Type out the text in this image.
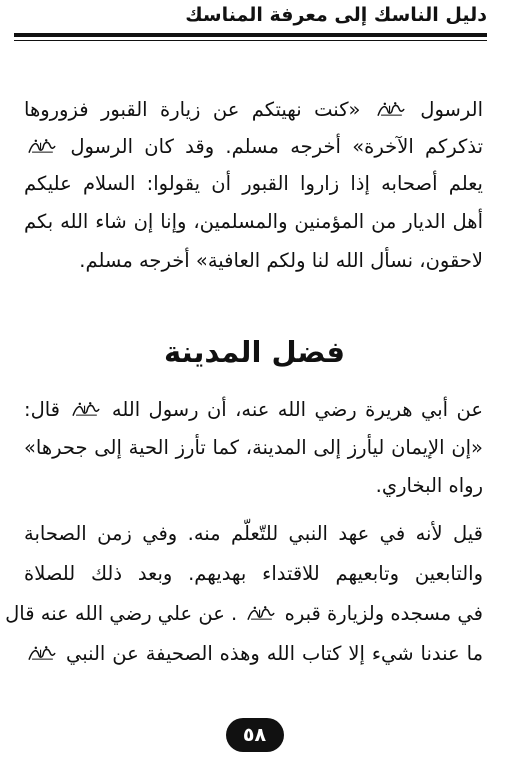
دليل الناسك إلى معرفة المناسك
الرسول  «كنت نهيتكم عن زيارة القبور فزوروها
تذكركم الآخرة» أخرجه مسلم. وقد كان الرسول
يعلم أصحابه إذا زاروا القبور أن يقولوا: السلام عليكم
أهل الديار من المؤمنين والمسلمين، وإنا إن شاء الله بكم
لاحقون، نسأل الله لنا ولكم العافية» أخرجه مسلم.
فضل المدينة
عن أبي هريرة رضي الله عنه، أن رسول الله  قال:
«إن الإيمان ليأرز إلى المدينة، كما تأرز الحية إلى جحرها»
رواه البخاري.
قيل لأنه في عهد النبي للتّعلّم منه. وفي زمن الصحابة
والتابعين وتابعيهم للاقتداء بهديهم. وبعد ذلك للصلاة
في مسجده ولزيارة قبره  . عن علي رضي الله عنه قال
ما عندنا شيء إلا كتاب الله وهذه الصحيفة عن النبي
٥٨
